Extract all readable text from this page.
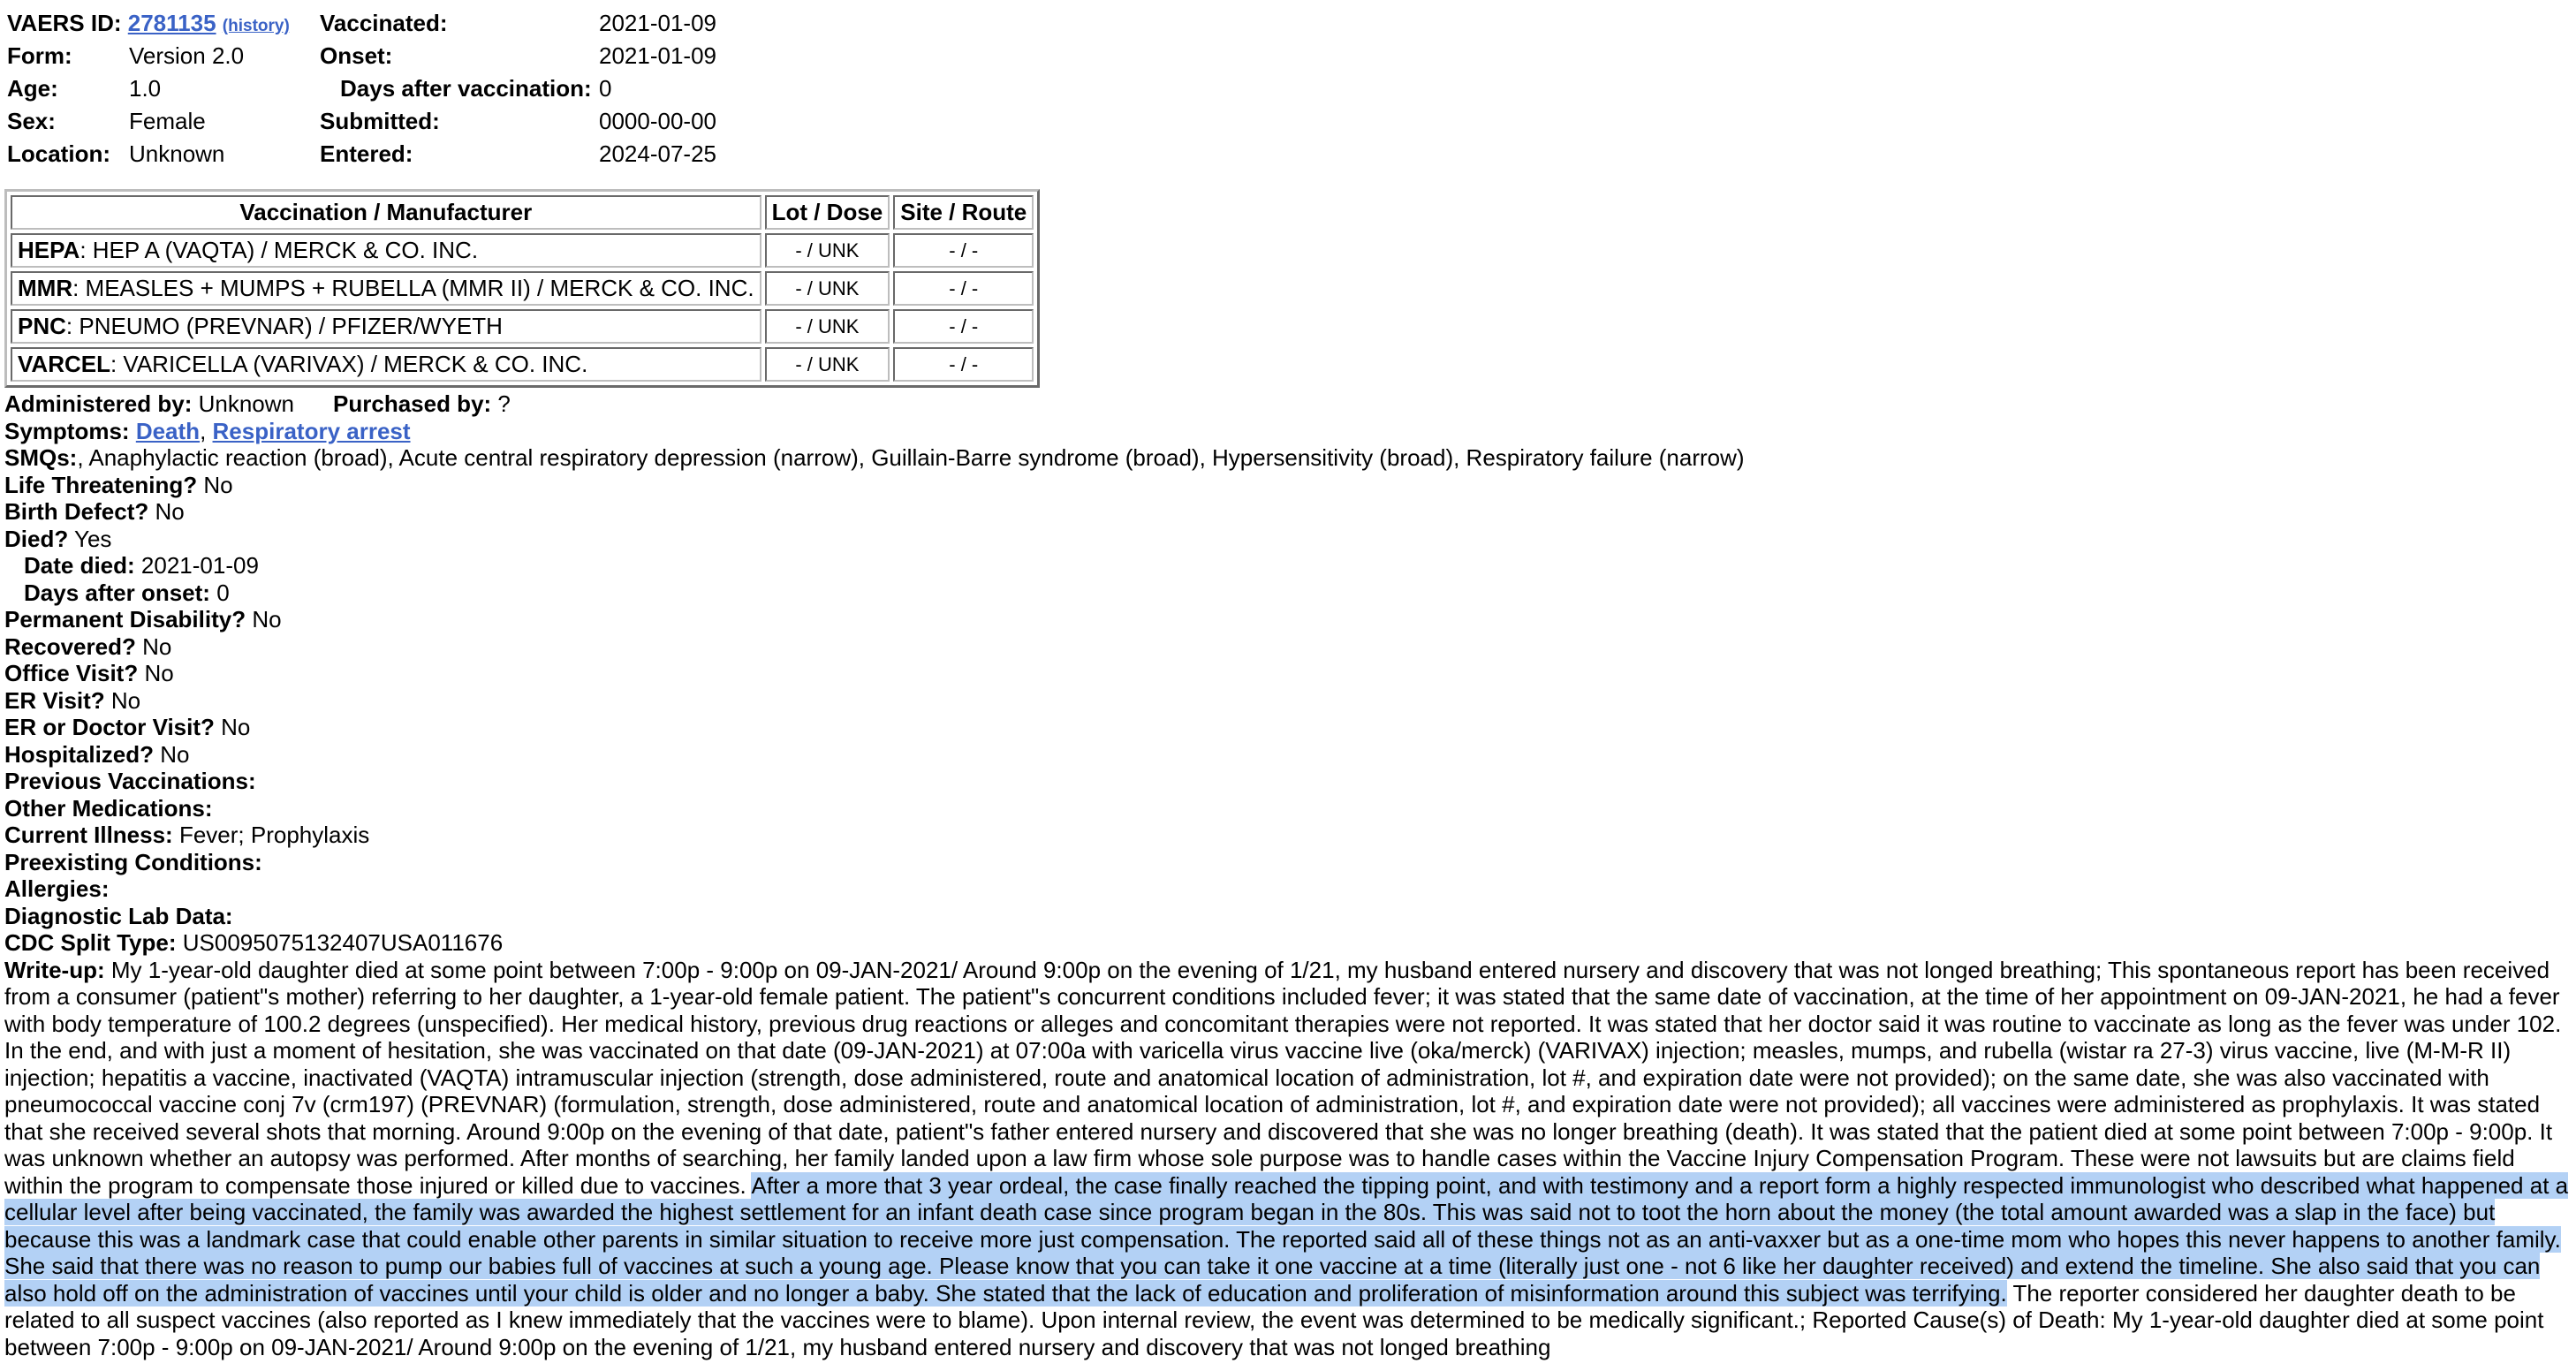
VAERS ID: 2781135 (history) Vaccinated:	2021-01-09
Form: Version 2.0	Onset:	2021-01-09
Age:	1.0	Days after vaccination: 0
Sex:	Female	Submitted:	0000-00-00
Location: Unknown	Entered:	2024-07-25
Vaccination / Manufacturer	Lot / Dose	Site / Route
HEPA: HEP A (VAQTA) / MERCK & CO. INC.	- / UNK	- / -
MMR: MEASLES + MUMPS + RUBELLA (MMR II) / MERCK & CO. INC.	- / UNK	- / -
PNC: PNEUMO (PREVNAR) / PFIZER/WYETH	- / UNK	- / -
VARCEL: VARICELLA (VARIVAX) / MERCK & CO. INC.	- / UNK	- / -
Administered by: Unknown Purchased by: ?
Symptoms: Death, Respiratory arrest
SMQs:, Anaphylactic reaction (broad), Acute central respiratory depression (narrow), Guillain-Barre syndrome (broad), Hypersensitivity (broad), Respiratory failure (narrow)
Life Threatening? No
Birth Defect? No
Died? Yes
Date died: 2021-01-09
Days after onset: 0
Permanent Disability? No
Recovered? No
Office Visit? No
ER Visit? No
ER or Doctor Visit? No
Hospitalized? No
Previous Vaccinations:
Other Medications:
Current Illness: Fever; Prophylaxis
Preexisting Conditions:
Allergies:
Diagnostic Lab Data:
CDC Split Type: US0095075132407USA011676
Write-up: My 1-year-old daughter died at some point between 7:00p - 9:00p on 09-JAN-2021/ Around 9:00p on the evening of 1/21, my husband entered nursery and discovery that was not longed breathing; This spontaneous report has been received from a consumer (patient"s mother) referring to her daughter, a 1-year-old female patient. The patient"s concurrent conditions included fever; it was stated that the same date of vaccination, at the time of her appointment on 09-JAN-2021, he had a fever with body temperature of 100.2 degrees (unspecified). Her medical history, previous drug reactions or alleges and concomitant therapies were not reported. It was stated that her doctor said it was routine to vaccinate as long as the fever was under 102. In the end, and with just a moment of hesitation, she was vaccinated on that date (09-JAN-2021) at 07:00a with varicella virus vaccine live (oka/merck) (VARIVAX) injection; measles, mumps, and rubella (wistar ra 27-3) virus vaccine, live (M-M-R II) injection; hepatitis a vaccine, inactivated (VAQTA) intramuscular injection (strength, dose administered, route and anatomical location of administration, lot #, and expiration date were not provided); on the same date, she was also vaccinated with pneumococcal vaccine conj 7v (crm197) (PREVNAR) (formulation, strength, dose administered, route and anatomical location of administration, lot #, and expiration date were not provided); all vaccines were administered as prophylaxis. It was stated that she received several shots that morning. Around 9:00p on the evening of that date, patient"s father entered nursery and discovered that she was no longer breathing (death). It was stated that the patient died at some point between 7:00p - 9:00p. It was unknown whether an autopsy was performed. After months of searching, her family landed upon a law firm whose sole purpose was to handle cases within the Vaccine Injury Compensation Program. These were not lawsuits but are claims field within the program to compensate those injured or killed due to vaccines. After a more that 3 year ordeal, the case finally reached the tipping point, and with testimony and a report form a highly respected immunologist who described what happened at a cellular level after being vaccinated, the family was awarded the highest settlement for an infant death case since program began in the 80s. This was said not to toot the horn about the money (the total amount awarded was a slap in the face) but because this was a landmark case that could enable other parents in similar situation to receive more just compensation. The reported said all of these things not as an anti-vaxxer but as a one-time mom who hopes this never happens to another family. She said that there was no reason to pump our babies full of vaccines at such a young age. Please know that you can take it one vaccine at a time (literally just one - not 6 like her daughter received) and extend the timeline. She also said that you can also hold off on the administration of vaccines until your child is older and no longer a baby. She stated that the lack of education and proliferation of misinformation around this subject was terrifying. The reporter considered her daughter death to be related to all suspect vaccines (also reported as I knew immediately that the vaccines were to blame). Upon internal review, the event was determined to be medically significant.; Reported Cause(s) of Death: My 1-year-old daughter died at some point between 7:00p - 9:00p on 09-JAN-2021/ Around 9:00p on the evening of 1/21, my husband entered nursery and discovery that was not longed breathing
